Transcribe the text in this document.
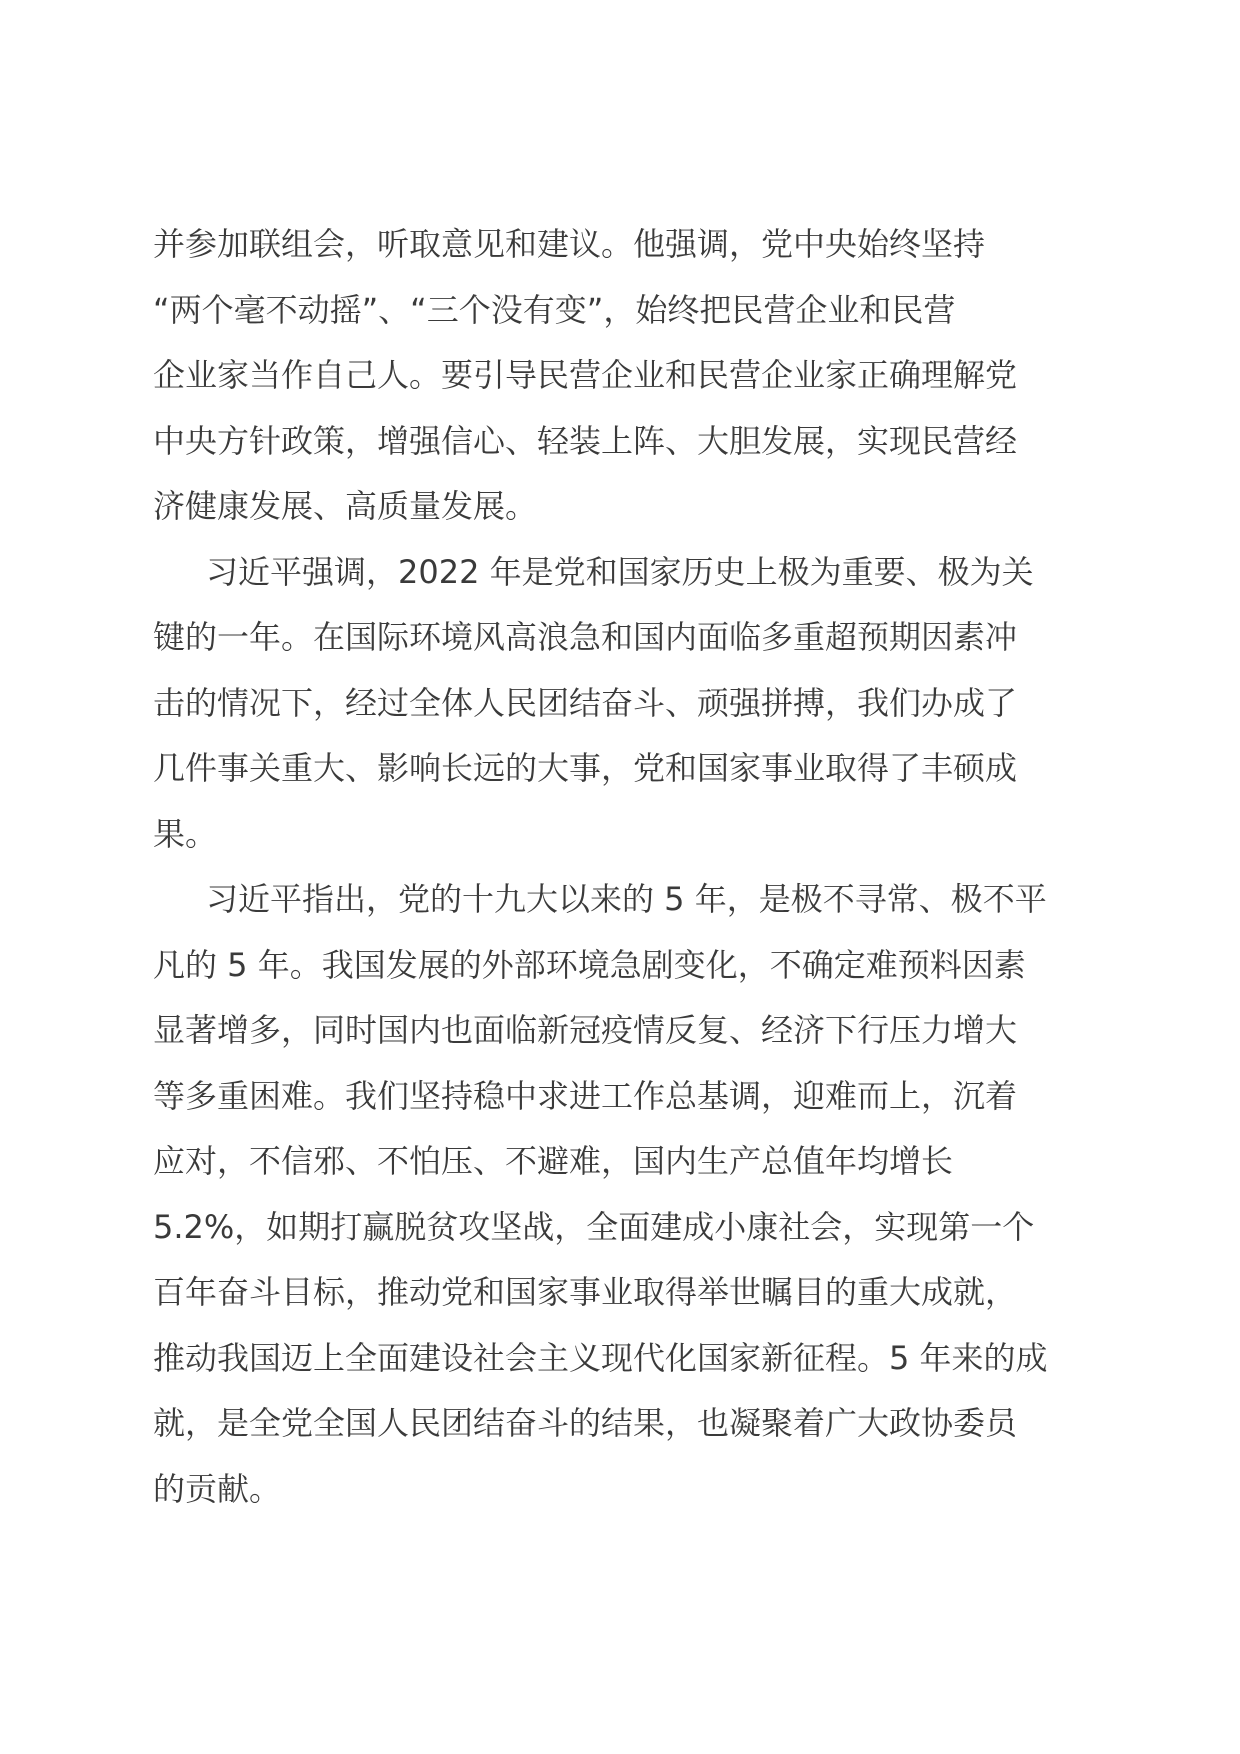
并参加联组会，听取意见和建议。他强调，党中央始终坚持
“两个毫不动摇”、“三个没有变”，始终把民营企业和民营
企业家当作自己人。要引导民营企业和民营企业家正确理解党
中央方针政策，增强信心、轻装上阵、大胆发展，实现民营经
济健康发展、高质量发展。
习近平强调，2022 年是党和国家历史上极为重要、极为关
键的一年。在国际环境风高浪急和国内面临多重超预期因素冲
击的情况下，经过全体人民团结奋斗、顽强拼搏，我们办成了
几件事关重大、影响长远的大事，党和国家事业取得了丰硕成
果。
习近平指出，党的十九大以来的 5 年，是极不寻常、极不平
凡的 5 年。我国发展的外部环境急剧变化，不确定难预料因素
显著增多，同时国内也面临新冠疫情反复、经济下行压力增大
等多重困难。我们坚持稳中求进工作总基调，迎难而上，沉着
应对，不信邪、不怕压、不避难，国内生产总值年均增长
5.2%，如期打赢脱贫攻坚战，全面建成小康社会，实现第一个
百年奋斗目标，推动党和国家事业取得举世瞩目的重大成就，
推动我国迈上全面建设社会主义现代化国家新征程。5 年来的成
就，是全党全国人民团结奋斗的结果，也凝聚着广大政协委员
的贡献。
